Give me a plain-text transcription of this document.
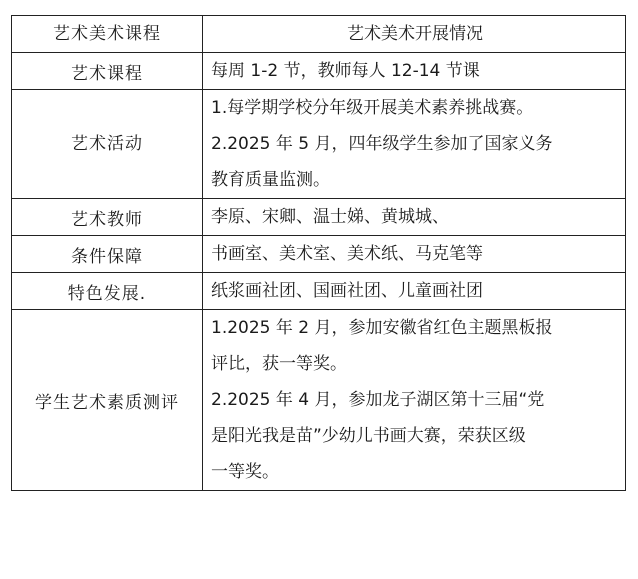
艺术美术课程	艺术美术开展情况

艺术课程	每周 1-2 节，教师每人 12-14 节课

艺术活动	1.每学期学校分年级开展美术素养挑战赛。
2.2025 年 5 月，四年级学生参加了国家义务
教育质量监测。

艺术教师	李原、宋卿、温士娣、黄城城、

条件保障	书画室、美术室、美术纸、马克笔等

特色发展.	纸浆画社团、国画社团、儿童画社团

学生艺术素质测评	1.2025 年 2 月，参加安徽省红色主题黑板报
评比，获一等奖。
2.2025 年 4 月，参加龙子湖区第十三届“党
是阳光我是苗”少幼儿书画大赛，荣获区级
一等奖。
